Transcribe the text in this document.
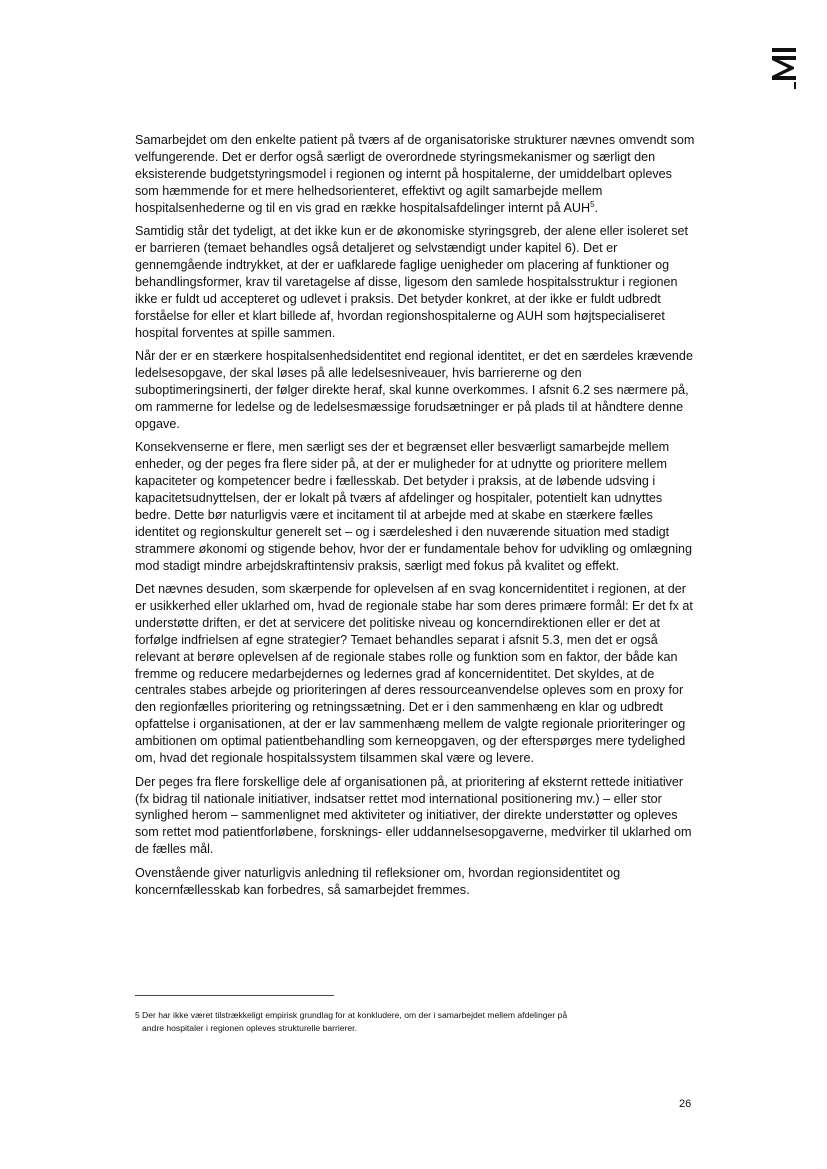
Samarbejdet om den enkelte patient på tværs af de organisatoriske strukturer nævnes omvendt som velfungerende. Det er derfor også særligt de overordnede styringsmekanismer og særligt den eksisterende budgetstyringsmodel i regionen og internt på hospitalerne, der umiddelbart opleves som hæmmende for et mere helhedsorienteret, effektivt og agilt samarbejde mellem hospitalsenhederne og til en vis grad en række hospitalsafdelinger internt på AUH$^5$.

Samtidig står det tydeligt, at det ikke kun er de økonomiske styringsgreb, der alene eller isoleret set er barrieren (temaet behandles også detaljeret og selvstændigt under kapitel 6). Det er gennemgående indtrykket, at der er uafklarede faglige uenigheder om placering af funktioner og behandlingsformer, krav til varetagelse af disse, ligesom den samlede hospitalsstruktur i regionen ikke er fuldt ud accepteret og udlevet i praksis. Det betyder konkret, at der ikke er fuldt udbredt forståelse for eller et klart billede af, hvordan regionshospitalerne og AUH som højtspecialiseret hospital forventes at spille sammen.

Når der er en stærkere hospitalsenhedsidentitet end regional identitet, er det en særdeles krævende ledelsesopgave, der skal løses på alle ledelsesniveauer, hvis barriererne og den suboptimeringsinerti, der følger direkte heraf, skal kunne overkommes. I afsnit 6.2 ses nærmere på, om rammerne for ledelse og de ledelsesmæssige forudsætninger er på plads til at håndtere denne opgave.

Konsekvenserne er flere, men særligt ses der et begrænset eller besværligt samarbejde mellem enheder, og der peges fra flere sider på, at der er muligheder for at udnytte og prioritere mellem kapaciteter og kompetencer bedre i fællesskab. Det betyder i praksis, at de løbende udsving i kapacitetsudnyttelsen, der er lokalt på tværs af afdelinger og hospitaler, potentielt kan udnyttes bedre. Dette bør naturligvis være et incitament til at arbejde med at skabe en stærkere fælles identitet og regionskultur generelt set – og i særdeleshed i den nuværende situation med stadigt strammere økonomi og stigende behov, hvor der er fundamentale behov for udvikling og omlægning mod stadigt mindre arbejdskraftintensiv praksis, særligt med fokus på kvalitet og effekt.

Det nævnes desuden, som skærpende for oplevelsen af en svag koncernidentitet i regionen, at der er usikkerhed eller uklarhed om, hvad de regionale stabe har som deres primære formål: Er det fx at understøtte driften, er det at servicere det politiske niveau og koncerndirektionen eller er det at forfølge indfrielsen af egne strategier? Temaet behandles separat i afsnit 5.3, men det er også relevant at berøre oplevelsen af de regionale stabes rolle og funktion som en faktor, der både kan fremme og reducere medarbejdernes og ledernes grad af koncernidentitet. Det skyldes, at de centrales stabes arbejde og prioriteringen af deres ressourceanvendelse opleves som en proxy for den regionfælles prioritering og retningssætning. Det er i den sammenhæng en klar og udbredt opfattelse i organisationen, at der er lav sammenhæng mellem de valgte regionale prioriteringer og ambitionen om optimal patientbehandling som kerneopgaven, og der efterspørges mere tydelighed om, hvad det regionale hospitalssystem tilsammen skal være og levere.

Der peges fra flere forskellige dele af organisationen på, at prioritering af eksternt rettede initiativer (fx bidrag til nationale initiativer, indsatser rettet mod international positionering mv.) – eller stor synlighed herom – sammenlignet med aktiviteter og initiativer, der direkte understøtter og opleves som rettet mod patientforløbene, forsknings- eller uddannelsesopgaverne, medvirker til uklarhed om de fælles mål.

Ovenstående giver naturligvis anledning til refleksioner om, hvordan regionsidentitet og koncernfællesskab kan forbedres, så samarbejdet fremmes.

5 Der har ikke været tilstrækkeligt empirisk grundlag for at konkludere, om der i samarbejdet mellem afdelinger på
andre hospitaler i regionen opleves strukturelle barrierer.
26
